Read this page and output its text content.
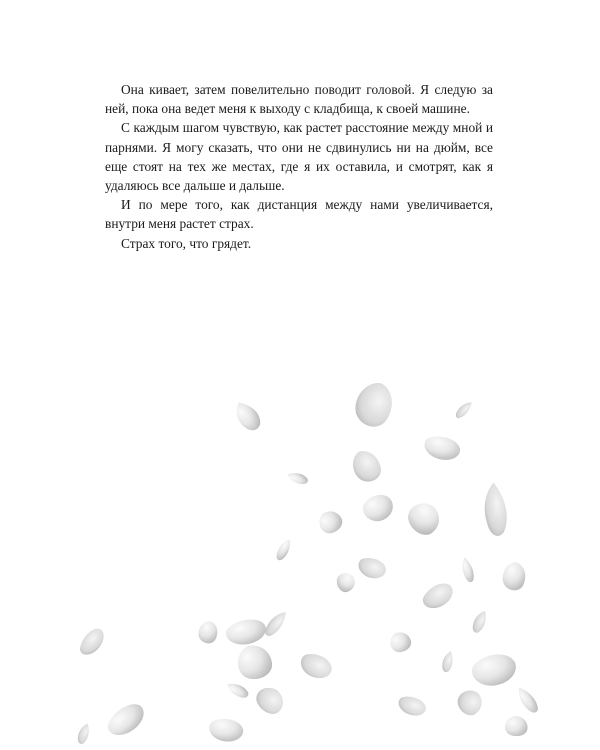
Она кивает, затем повелительно поводит головой. Я следую за ней, пока она ведет меня к выходу с кладбища, к своей машине.

С каждым шагом чувствую, как растет расстояние между мной и парнями. Я могу сказать, что они не сдвинулись ни на дюйм, все еще стоят на тех же местах, где я их оставила, и смотрят, как я удаляюсь все дальше и дальше.

И по мере того, как дистанция между нами увеличивается, внутри меня растет страх.

Страх того, что грядет.
